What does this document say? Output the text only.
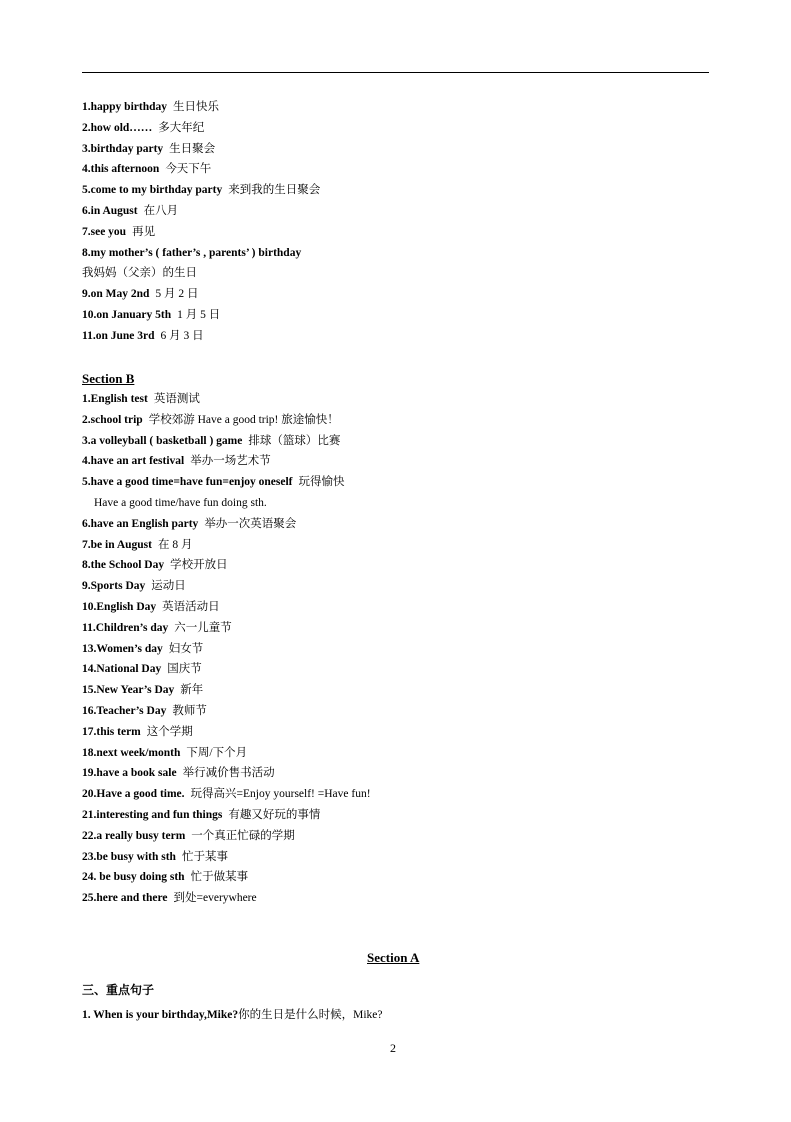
1.happy birthday 生日快乐
2.how old…… 多大年纪
3.birthday party 生日聚会
4.this afternoon 今天下午
5.come to my birthday party 来到我的生日聚会
6.in August 在八月
7.see you 再见
8.my mother’s ( father’s , parents’ ) birthday
我妈妈（父亲）的生日
9.on May 2nd 5 月 2 日
10.on January 5th 1 月 5 日
11.on June 3rd 6 月 3 日
Section B
1.English test 英语测试
2.school trip 学校郊游 Have a good trip! 旅途愉快！
3.a volleyball ( basketball ) game 排球（篮球）比赛
4.have an art festival 举办一场艺术节
5.have a good time=have fun=enjoy oneself 玩得愉快
Have a good time/have fun doing sth.
6.have an English party 举办一次英语聚会
7.be in August 在 8 月
8.the School Day 学校开放日
9.Sports Day 运动日
10.English Day 英语活动日
11.Children’s day 六一儿童节
13.Women’s day 妇女节
14.National Day 国庆节
15.New Year’s Day 新年
16.Teacher’s Day 教师节
17.this term 这个学期
18.next week/month 下周/下个月
19.have a book sale 举行减价售书活动
20.Have a good time. 玩得高兴=Enjoy yourself! =Have fun!
21.interesting and fun things 有趣又好玩的事情
22.a really busy term 一个真正忙碌的学期
23.be busy with sth 忙于某事
24. be busy doing sth 忙于做某事
25.here and there 到处=everywhere
Section A
三、重点句子
1. When is your birthday,Mike?你的生日是什么时候，Mike?
2
